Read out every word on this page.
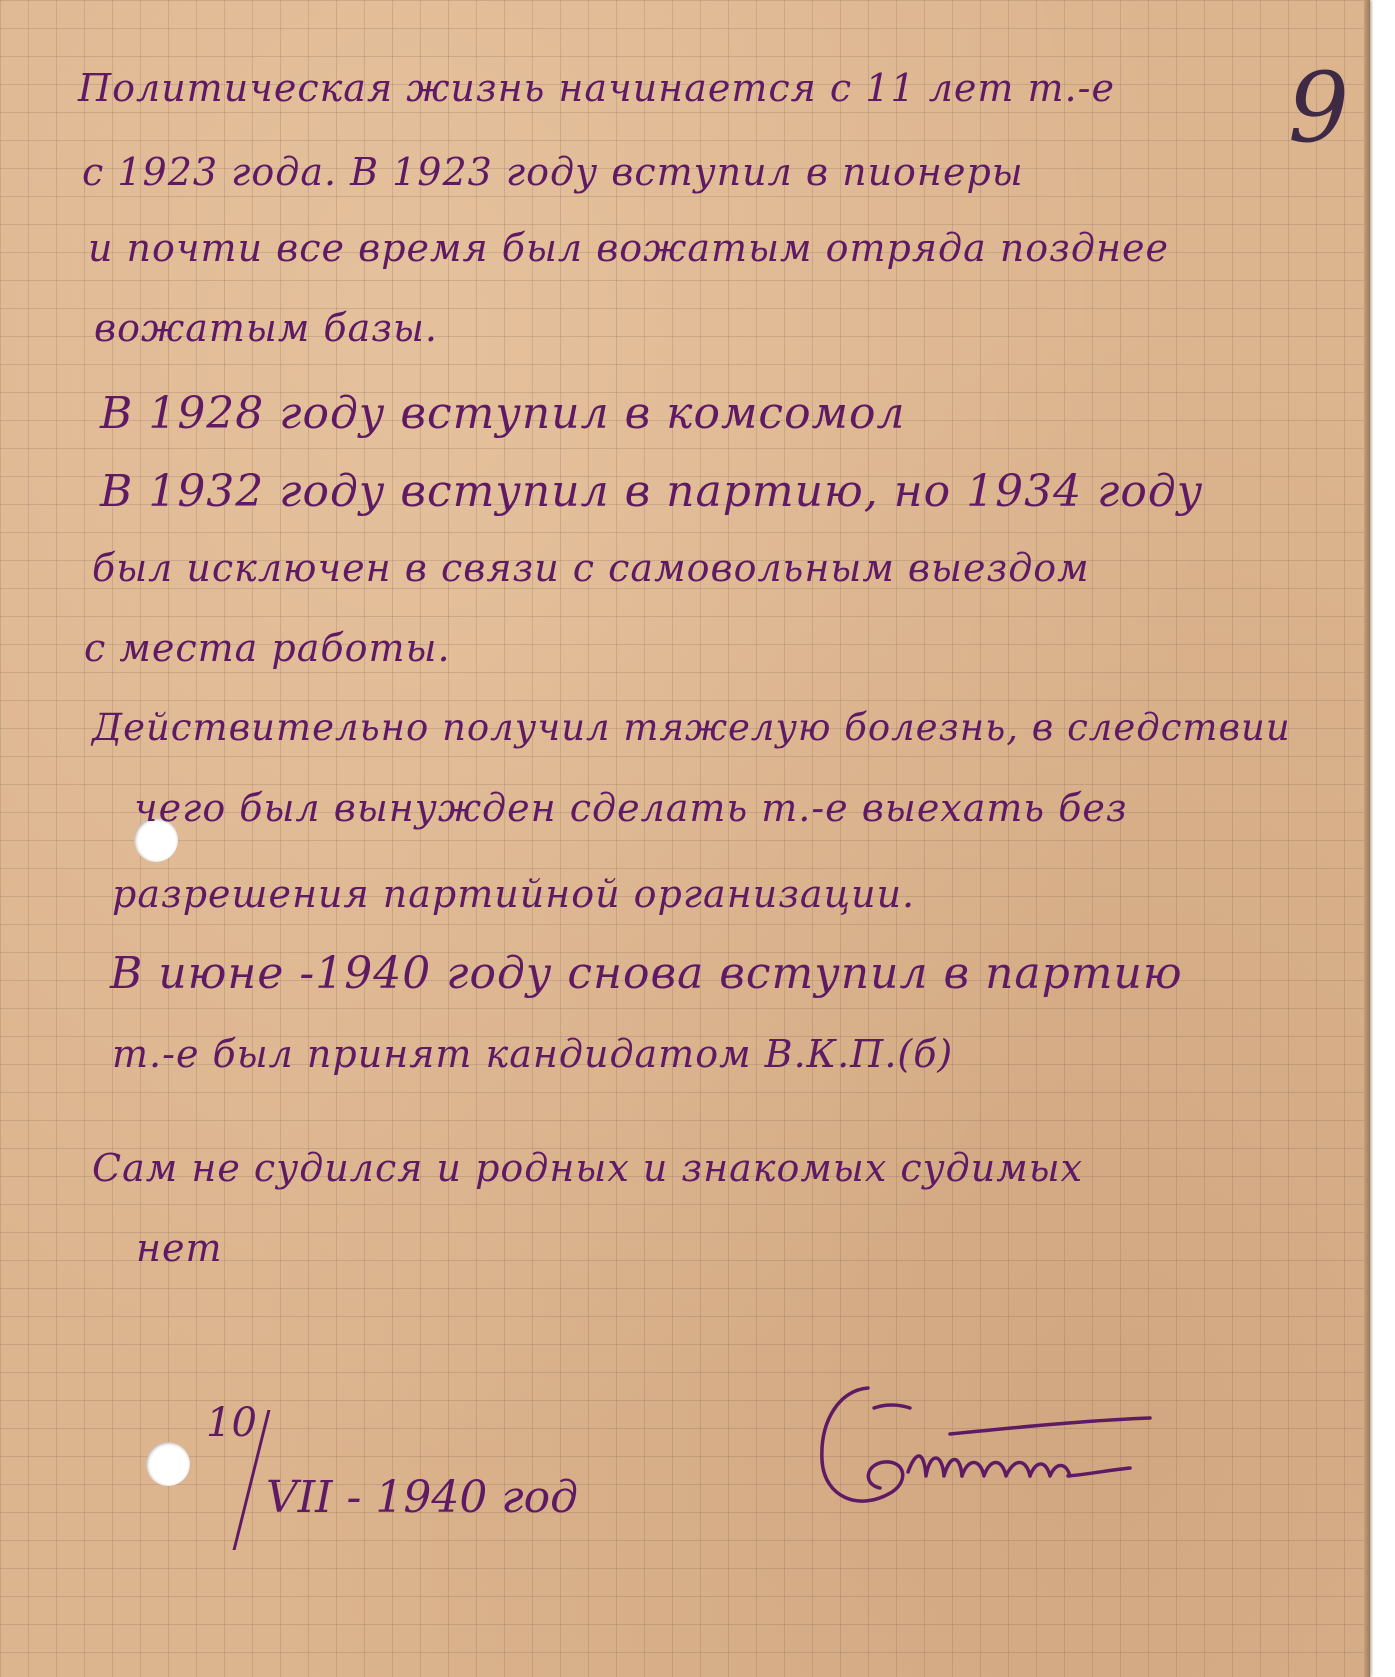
9

Политическая жизнь начинается с 11 лет т.-е

с 1923 года. В 1923 году вступил в пионеры

и почти все время был вожатым отряда позднее

вожатым базы.

В 1928 году вступил в комсомол

В 1932 году вступил в партию, но 1934 году

был исключен в связи с самовольным выездом

с места работы.

Действительно получил тяжелую болезнь, в следствии

чего был вынужден сделать т.-е выехать без

разрешения партийной организации.

В июне -1940 году снова вступил в партию

т.-е был принят кандидатом В.К.П.(б)

Сам не судился и родных и знакомых судимых

нет

10
VII - 1940 год
